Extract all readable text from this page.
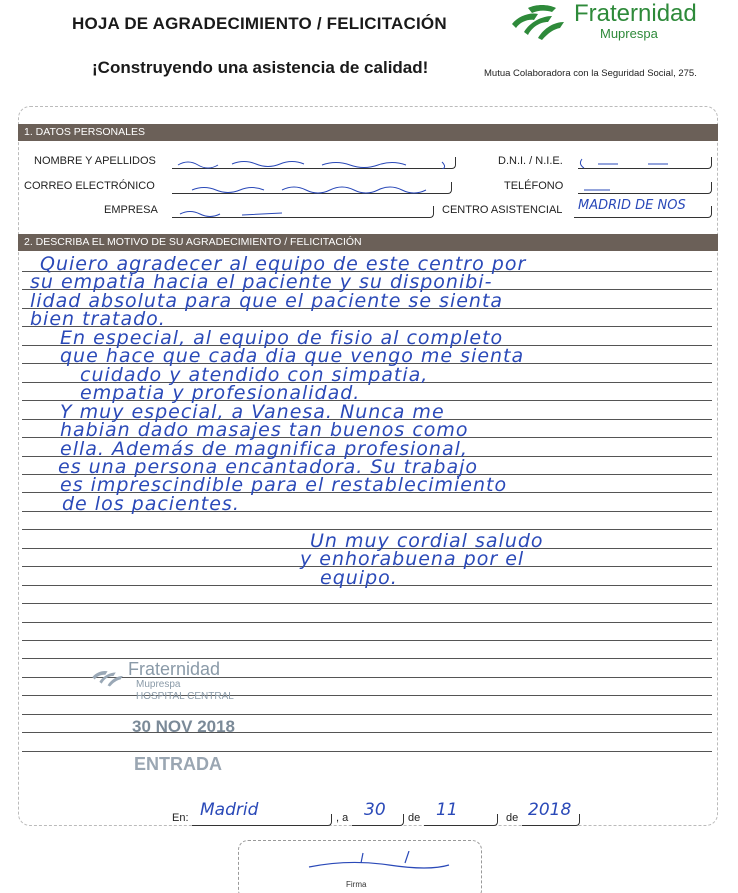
HOJA DE AGRADECIMIENTO / FELICITACIÓN
¡Construyendo una asistencia de calidad!
Fraternidad
Muprespa
Mutua Colaboradora con la Seguridad Social, 275.
1. DATOS PERSONALES
NOMBRE Y APELLIDOS	D.N.I. / N.I.E.
CORREO ELECTRÓNICO	TELÉFONO
EMPRESA	CENTRO ASISTENCIAL MADRID DE NOS
2. DESCRIBA EL MOTIVO DE SU AGRADECIMIENTO / FELICITACIÓN
Quiero agradecer al equipo de este centro por
su empatia hacia el paciente y su disponibi-
lidad absoluta para que el paciente se sienta
bien tratado.
En especial, al equipo de fisio al completo
que hace que cada dia que vengo me sienta
cuidado y atendido con simpatia,
empatia y profesionalidad.
Y muy especial, a Vanesa. Nunca me
habian dado masajes tan buenos como
ella. Además de magnifica profesional,
es una persona encantadora. Su trabajo
es imprescindible para el restablecimiento
de los pacientes.
Un muy cordial saludo
y enhorabuena por el
equipo.
Fraternidad
Muprespa
HOSPITAL CENTRAL
30 NOV 2018
ENTRADA
En: Madrid	, a 30 de 11	de 2018
Firma
